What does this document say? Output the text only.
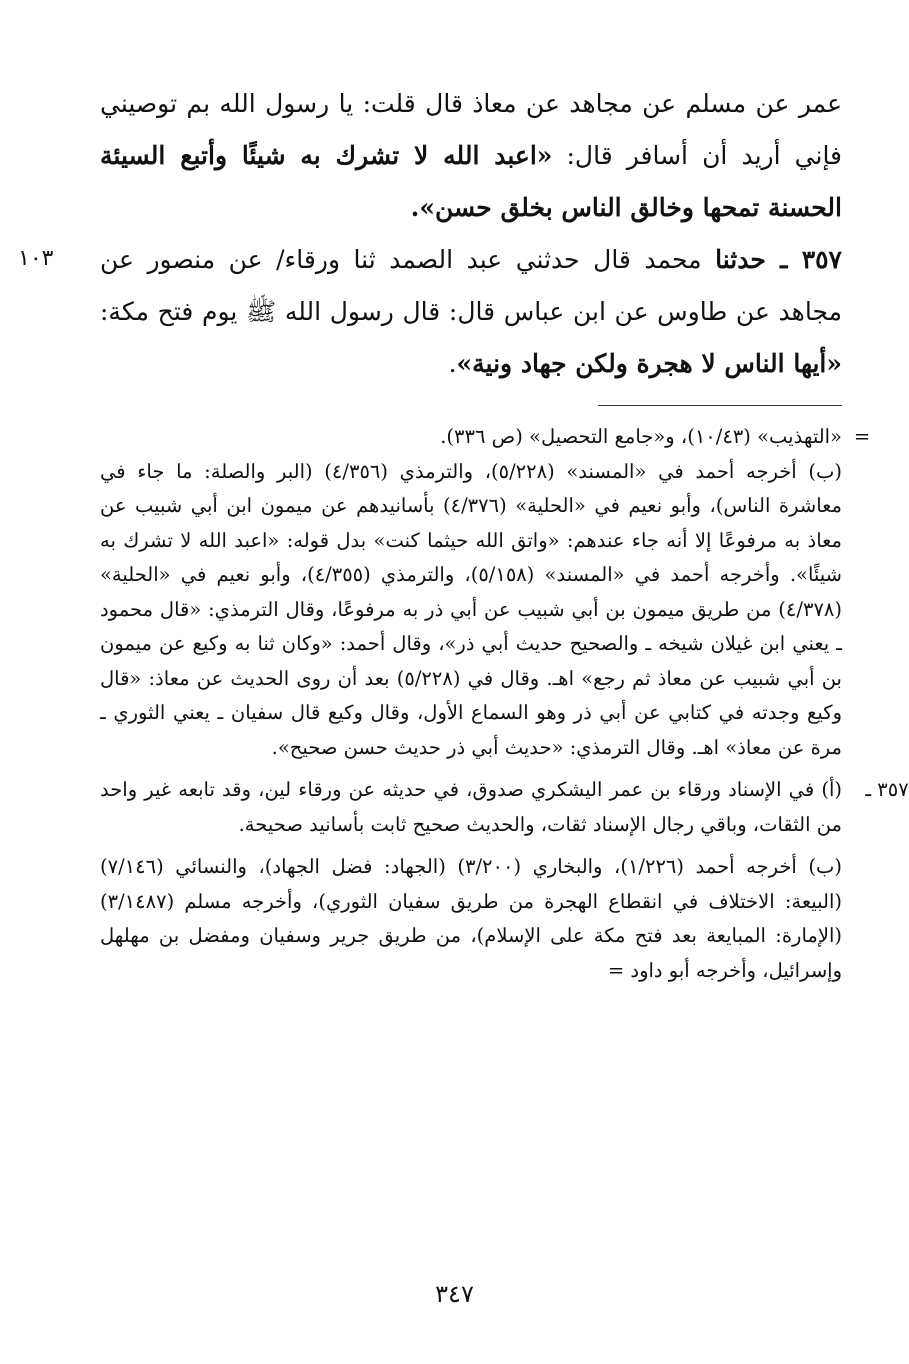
عمر عن مسلم عن مجاهد عن معاذ قال قلت: يا رسول الله بم توصيني فإني أريد أن أسافر قال: «اعبد الله لا تشرك به شيئًا وأتبع السيئة الحسنة تمحها وخالق الناس بخلق حسن».

٣٥٧ ـ حدثنا محمد قال حدثني عبد الصمد ثنا ورقاء/ عن منصور عن مجاهد عن طاوس عن ابن عباس قال: قال رسول الله ﷺ يوم فتح مكة: «أيها الناس لا هجرة ولكن جهاد ونية».

١٠٣
=

«التهذيب» (١٠/٤٣)، و«جامع التحصيل» (ص ٣٣٦).

(ب) أخرجه أحمد في «المسند» (٥/٢٢٨)، والترمذي (٤/٣٥٦) (البر والصلة: ما جاء في معاشرة الناس)، وأبو نعيم في «الحلية» (٤/٣٧٦) بأسانيدهم عن ميمون ابن أبي شبيب عن معاذ به مرفوعًا إلا أنه جاء عندهم: «واتق الله حيثما كنت» بدل قوله: «اعبد الله لا تشرك به شيئًا». وأخرجه أحمد في «المسند» (٥/١٥٨)، والترمذي (٤/٣٥٥)، وأبو نعيم في «الحلية» (٤/٣٧٨) من طريق ميمون بن أبي شبيب عن أبي ذر به مرفوعًا، وقال الترمذي: «قال محمود ـ يعني ابن غيلان شيخه ـ والصحيح حديث أبي ذر»، وقال أحمد: «وكان ثنا به وكيع عن ميمون بن أبي شبيب عن معاذ ثم رجع» اهـ. وقال في (٥/٢٢٨) بعد أن روى الحديث عن معاذ: «قال وكيع وجدته في كتابي عن أبي ذر وهو السماع الأول، وقال وكيع قال سفيان ـ يعني الثوري ـ مرة عن معاذ» اهـ. وقال الترمذي: «حديث أبي ذر حديث حسن صحيح».

٣٥٧ ـ

(أ) في الإسناد ورقاء بن عمر اليشكري صدوق، في حديثه عن ورقاء لين، وقد تابعه غير واحد من الثقات، وباقي رجال الإسناد ثقات، والحديث صحيح ثابت بأسانيد صحيحة.

(ب) أخرجه أحمد (١/٢٢٦)، والبخاري (٣/٢٠٠) (الجهاد: فضل الجهاد)، والنسائي (٧/١٤٦) (البيعة: الاختلاف في انقطاع الهجرة من طريق سفيان الثوري)، وأخرجه مسلم (٣/١٤٨٧) (الإمارة: المبايعة بعد فتح مكة على الإسلام)، من طريق جرير وسفيان ومفضل بن مهلهل وإسرائيل، وأخرجه أبو داود =

٣٤٧
